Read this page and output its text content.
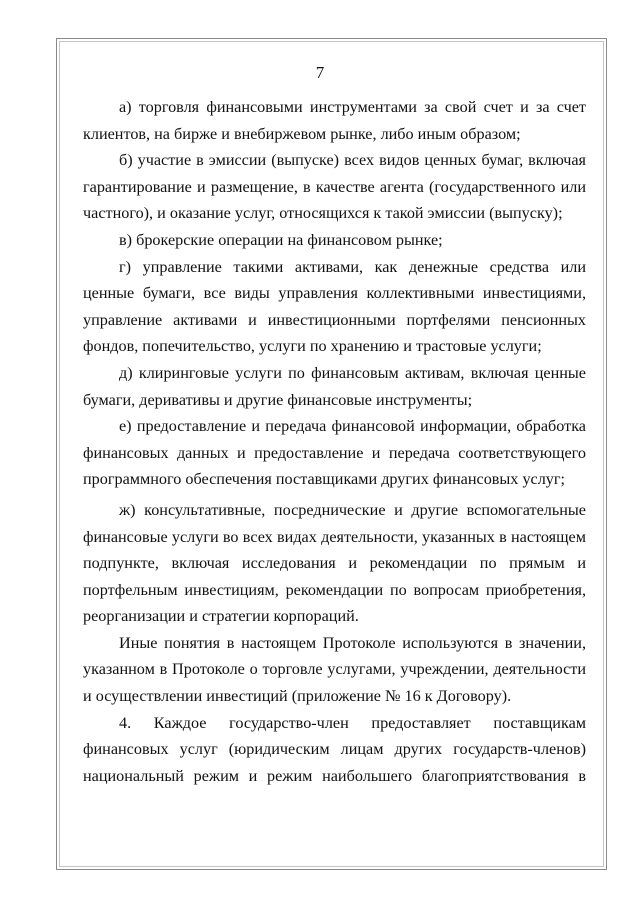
7
а) торговля финансовыми инструментами за свой счет и за счет
клиентов, на бирже и внебиржевом рынке, либо иным образом;
б) участие в эмиссии (выпуске) всех видов ценных бумаг, включая
гарантирование и размещение, в качестве агента (государственного или
частного), и оказание услуг, относящихся к такой эмиссии (выпуску);
в) брокерские операции на финансовом рынке;
г) управление такими активами, как денежные средства или
ценные бумаги, все виды управления коллективными инвестициями,
управление активами и инвестиционными портфелями пенсионных
фондов, попечительство, услуги по хранению и трастовые услуги;
д) клиринговые услуги по финансовым активам, включая ценные
бумаги, деривативы и другие финансовые инструменты;
е) предоставление и передача финансовой информации, обработка
финансовых данных и предоставление и передача соответствующего
программного обеспечения поставщиками других финансовых услуг;
ж) консультативные, посреднические и другие вспомогательные
финансовые услуги во всех видах деятельности, указанных в настоящем
подпункте, включая исследования и рекомендации по прямым и
портфельным инвестициям, рекомендации по вопросам приобретения,
реорганизации и стратегии корпораций.
Иные понятия в настоящем Протоколе используются в значении,
указанном в Протоколе о торговле услугами, учреждении, деятельности
и осуществлении инвестиций (приложение № 16 к Договору).
4. Каждое государство-член предоставляет поставщикам
финансовых услуг (юридическим лицам других государств-членов)
национальный режим и режим наибольшего благоприятствования в
